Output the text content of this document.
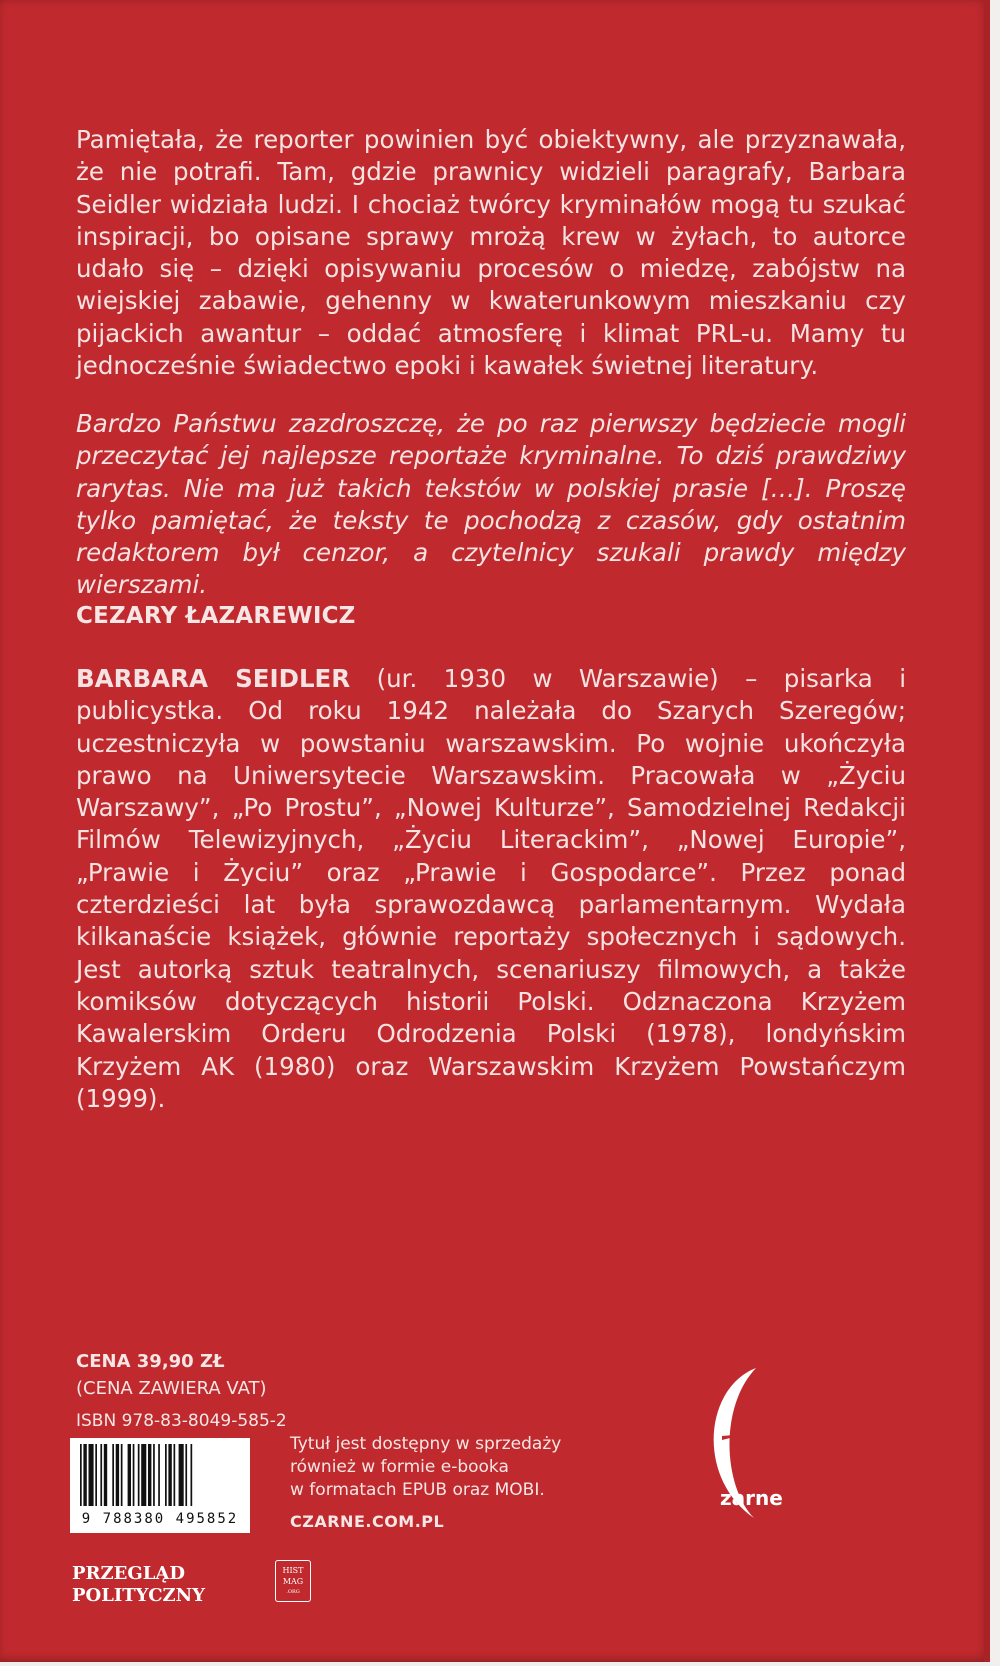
Pamiętała, że reporter powinien być obiektywny, ale przyznawała, że nie potrafi. Tam, gdzie prawnicy widzieli paragrafy, Barbara Seidler widziała ludzi. I chociaż twórcy kryminałów mogą tu szukać inspiracji, bo opisane sprawy mrożą krew w żyłach, to autorce udało się – dzięki opisywaniu procesów o miedzę, zabójstw na wiejskiej zabawie, gehenny w kwaterunkowym mieszkaniu czy pijackich awantur – oddać atmosferę i klimat PRL-u. Mamy tu jednocześnie świadectwo epoki i kawałek świetnej literatury.

Bardzo Państwu zazdroszczę, że po raz pierwszy będziecie mogli przeczytać jej najlepsze reportaże kryminalne. To dziś prawdziwy rarytas. Nie ma już takich tekstów w polskiej prasie […]. Proszę tylko pamiętać, że teksty te pochodzą z czasów, gdy ostatnim redaktorem był cenzor, a czytelnicy szukali prawdy między wierszami.

CEZARY ŁAZAREWICZ

BARBARA SEIDLER (ur. 1930 w Warszawie) – pisarka i publicystka. Od roku 1942 należała do Szarych Szeregów; uczestniczyła w powstaniu warszawskim. Po wojnie ukończyła prawo na Uniwersytecie Warszawskim. Pracowała w „Życiu Warszawy”, „Po Prostu”, „Nowej Kulturze”, Samodzielnej Redakcji Filmów Telewizyjnych, „Życiu Literackim”, „Nowej Europie”, „Prawie i Życiu” oraz „Prawie i Gospodarce”. Przez ponad czterdzieści lat była sprawozdawcą parlamentarnym. Wydała kilkanaście książek, głównie reportaży społecznych i sądowych. Jest autorką sztuk teatralnych, scenariuszy filmowych, a także komiksów dotyczących historii Polski. Odznaczona Krzyżem Kawalerskim Orderu Odrodzenia Polski (1978), londyńskim Krzyżem AK (1980) oraz Warszawskim Krzyżem Powstańczym (1999).

CENA 39,90 ZŁ
(CENA ZAWIERA VAT)
ISBN 978-83-8049-585-2
9 788380 495852
Tytuł jest dostępny w sprzedaży
również w formie e-booka
w formatach EPUB oraz MOBI.
CZARNE.COM.PL
PRZEGLĄD
POLITYCZNY
HIST
MAG
.ORG
zarne
